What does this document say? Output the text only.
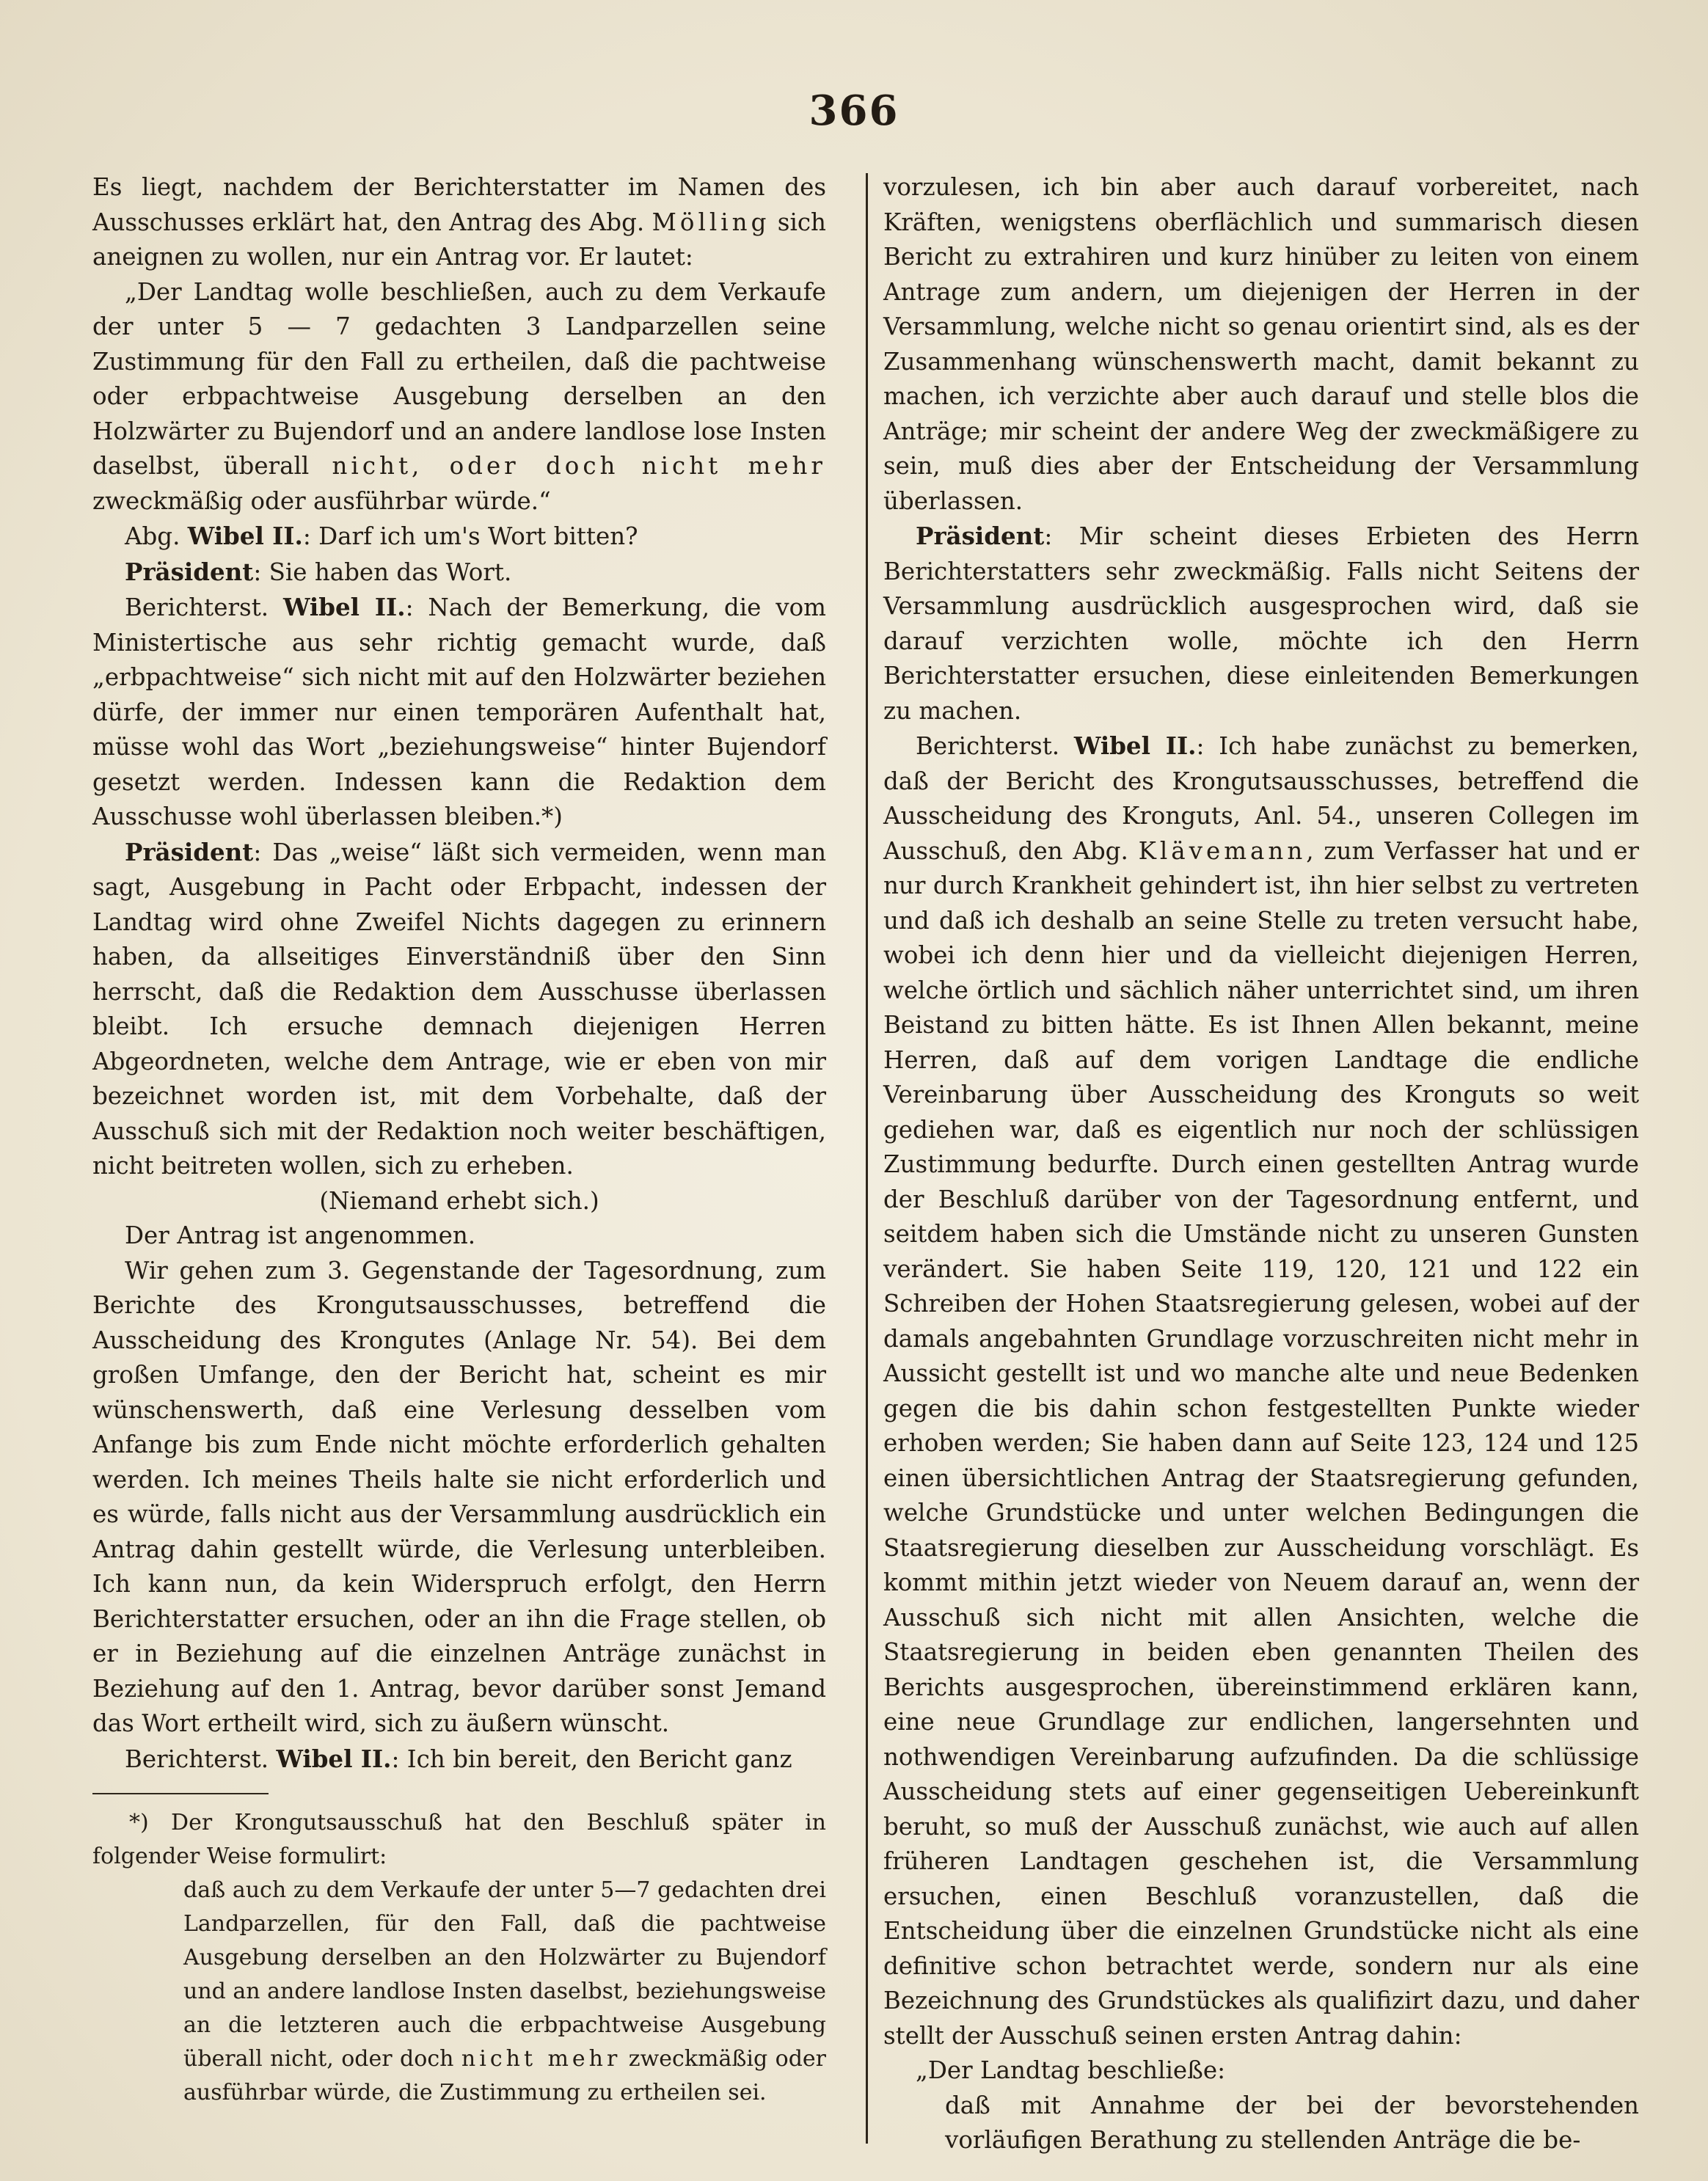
366

Es liegt, nachdem der Berichterstatter im Namen des Ausschusses erklärt hat, den Antrag des Abg. Mölling sich aneignen zu wollen, nur ein Antrag vor. Er lautet:

„Der Landtag wolle beschließen, auch zu dem Verkaufe der unter 5 — 7 gedachten 3 Landparzellen seine Zustimmung für den Fall zu ertheilen, daß die pachtweise oder erbpachtweise Ausgebung derselben an den Holzwärter zu Bujendorf und an andere landlose lose Insten daselbst, überall nicht, oder doch nicht mehr zweckmäßig oder ausführbar würde.“

Abg. Wibel II.: Darf ich um's Wort bitten?

Präsident: Sie haben das Wort.

Berichterst. Wibel II.: Nach der Bemerkung, die vom Ministertische aus sehr richtig gemacht wurde, daß „erbpachtweise“ sich nicht mit auf den Holzwärter beziehen dürfe, der immer nur einen temporären Aufenthalt hat, müsse wohl das Wort „beziehungsweise“ hinter Bujendorf gesetzt werden. Indessen kann die Redaktion dem Ausschusse wohl überlassen bleiben.*)

Präsident: Das „weise“ läßt sich vermeiden, wenn man sagt, Ausgebung in Pacht oder Erbpacht, indessen der Landtag wird ohne Zweifel Nichts dagegen zu erinnern haben, da allseitiges Einverständniß über den Sinn herrscht, daß die Redaktion dem Ausschusse überlassen bleibt. Ich ersuche demnach diejenigen Herren Abgeordneten, welche dem Antrage, wie er eben von mir bezeichnet worden ist, mit dem Vorbehalte, daß der Ausschuß sich mit der Redaktion noch weiter beschäftigen, nicht beitreten wollen, sich zu erheben.

(Niemand erhebt sich.)

Der Antrag ist angenommen.

Wir gehen zum 3. Gegenstande der Tagesordnung, zum Berichte des Krongutsausschusses, betreffend die Ausscheidung des Krongutes (Anlage Nr. 54). Bei dem großen Umfange, den der Bericht hat, scheint es mir wünschenswerth, daß eine Verlesung desselben vom Anfange bis zum Ende nicht möchte erforderlich gehalten werden. Ich meines Theils halte sie nicht erforderlich und es würde, falls nicht aus der Versammlung ausdrücklich ein Antrag dahin gestellt würde, die Verlesung unterbleiben. Ich kann nun, da kein Widerspruch erfolgt, den Herrn Berichterstatter ersuchen, oder an ihn die Frage stellen, ob er in Beziehung auf die einzelnen Anträge zunächst in Beziehung auf den 1. Antrag, bevor darüber sonst Jemand das Wort ertheilt wird, sich zu äußern wünscht.

Berichterst. Wibel II.: Ich bin bereit, den Bericht ganz

*) Der Krongutsausschuß hat den Beschluß später in folgender Weise formulirt:

daß auch zu dem Verkaufe der unter 5—7 gedachten drei Landparzellen, für den Fall, daß die pachtweise Ausgebung derselben an den Holzwärter zu Bujendorf und an andere landlose Insten daselbst, beziehungsweise an die letzteren auch die erbpachtweise Ausgebung überall nicht, oder doch nicht mehr zweckmäßig oder ausführbar würde, die Zustimmung zu ertheilen sei.

vorzulesen, ich bin aber auch darauf vorbereitet, nach Kräften, wenigstens oberflächlich und summarisch diesen Bericht zu extrahiren und kurz hinüber zu leiten von einem Antrage zum andern, um diejenigen der Herren in der Versammlung, welche nicht so genau orientirt sind, als es der Zusammenhang wünschenswerth macht, damit bekannt zu machen, ich verzichte aber auch darauf und stelle blos die Anträge; mir scheint der andere Weg der zweckmäßigere zu sein, muß dies aber der Entscheidung der Versammlung überlassen.

Präsident: Mir scheint dieses Erbieten des Herrn Berichterstatters sehr zweckmäßig. Falls nicht Seitens der Versammlung ausdrücklich ausgesprochen wird, daß sie darauf verzichten wolle, möchte ich den Herrn Berichterstatter ersuchen, diese einleitenden Bemerkungen zu machen.

Berichterst. Wibel II.: Ich habe zunächst zu bemerken, daß der Bericht des Krongutsausschusses, betreffend die Ausscheidung des Kronguts, Anl. 54., unseren Collegen im Ausschuß, den Abg. Klävemann, zum Verfasser hat und er nur durch Krankheit gehindert ist, ihn hier selbst zu vertreten und daß ich deshalb an seine Stelle zu treten versucht habe, wobei ich denn hier und da vielleicht diejenigen Herren, welche örtlich und sächlich näher unterrichtet sind, um ihren Beistand zu bitten hätte. Es ist Ihnen Allen bekannt, meine Herren, daß auf dem vorigen Landtage die endliche Vereinbarung über Ausscheidung des Kronguts so weit gediehen war, daß es eigentlich nur noch der schlüssigen Zustimmung bedurfte. Durch einen gestellten Antrag wurde der Beschluß darüber von der Tagesordnung entfernt, und seitdem haben sich die Umstände nicht zu unseren Gunsten verändert. Sie haben Seite 119, 120, 121 und 122 ein Schreiben der Hohen Staatsregierung gelesen, wobei auf der damals angebahnten Grundlage vorzuschreiten nicht mehr in Aussicht gestellt ist und wo manche alte und neue Bedenken gegen die bis dahin schon festgestellten Punkte wieder erhoben werden; Sie haben dann auf Seite 123, 124 und 125 einen übersichtlichen Antrag der Staatsregierung gefunden, welche Grundstücke und unter welchen Bedingungen die Staatsregierung dieselben zur Ausscheidung vorschlägt. Es kommt mithin jetzt wieder von Neuem darauf an, wenn der Ausschuß sich nicht mit allen Ansichten, welche die Staatsregierung in beiden eben genannten Theilen des Berichts ausgesprochen, übereinstimmend erklären kann, eine neue Grundlage zur endlichen, langersehnten und nothwendigen Vereinbarung aufzufinden. Da die schlüssige Ausscheidung stets auf einer gegenseitigen Uebereinkunft beruht, so muß der Ausschuß zunächst, wie auch auf allen früheren Landtagen geschehen ist, die Versammlung ersuchen, einen Beschluß voranzustellen, daß die Entscheidung über die einzelnen Grundstücke nicht als eine definitive schon betrachtet werde, sondern nur als eine Bezeichnung des Grundstückes als qualifizirt dazu, und daher stellt der Ausschuß seinen ersten Antrag dahin:

„Der Landtag beschließe:

daß mit Annahme der bei der bevorstehenden vorläufigen Berathung zu stellenden Anträge die be-
